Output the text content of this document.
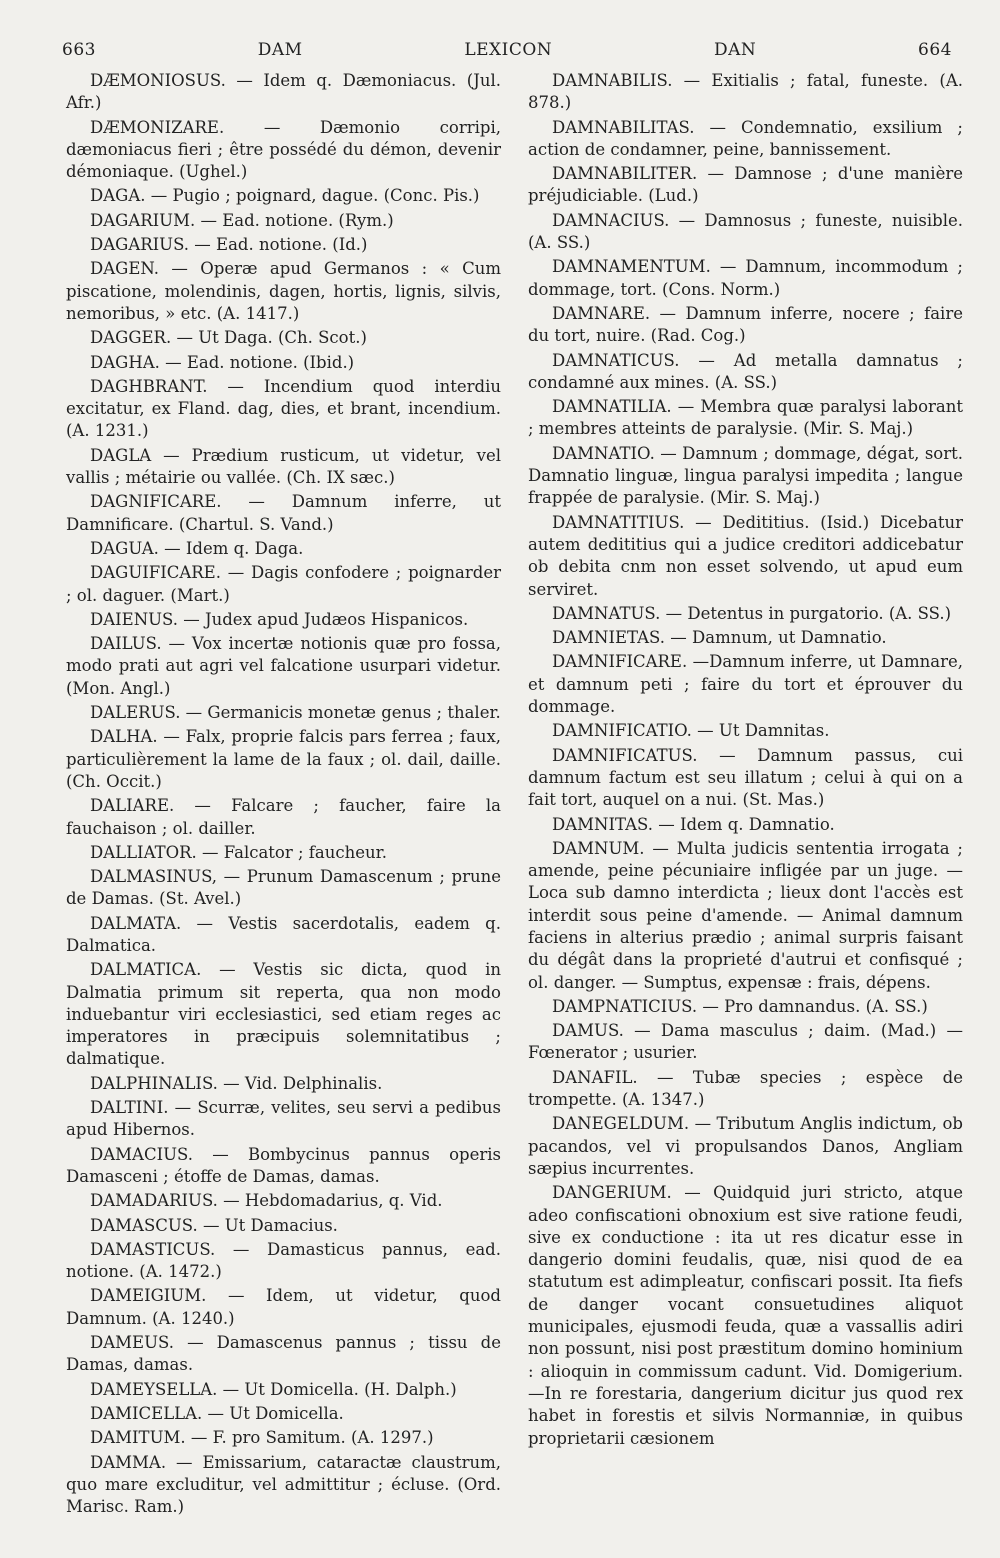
663	DAM	LEXICON	DAN	664

DÆMONIOSUS. — Idem q. Dæmoniacus. (Jul. Afr.)

DÆMONIZARE. — Dæmonio corripi, dæmoniacus fieri ; être possédé du démon, devenir démoniaque. (Ughel.)

DAGA. — Pugio ; poignard, dague. (Conc. Pis.)

DAGARIUM. — Ead. notione. (Rym.)

DAGARIUS. — Ead. notione. (Id.)

DAGEN. — Operæ apud Germanos : « Cum piscatione, molendinis, dagen, hortis, lignis, silvis, nemoribus, » etc. (A. 1417.)

DAGGER. — Ut Daga. (Ch. Scot.)

DAGHA. — Ead. notione. (Ibid.)

DAGHBRANT. — Incendium quod interdiu excitatur, ex Fland. dag, dies, et brant, incendium. (A. 1231.)

DAGLA — Prædium rusticum, ut videtur, vel vallis ; métairie ou vallée. (Ch. IX sæc.)

DAGNIFICARE. — Damnum inferre, ut Damnificare. (Chartul. S. Vand.)

DAGUA. — Idem q. Daga.

DAGUIFICARE. — Dagis confodere ; poignarder ; ol. daguer. (Mart.)

DAIENUS. — Judex apud Judæos Hispanicos.

DAILUS. — Vox incertæ notionis quæ pro fossa, modo prati aut agri vel falcatione usurpari videtur. (Mon. Angl.)

DALERUS. — Germanicis monetæ genus ; thaler.

DALHA. — Falx, proprie falcis pars ferrea ; faux, particulièrement la lame de la faux ; ol. dail, daille. (Ch. Occit.)

DALIARE. — Falcare ; faucher, faire la fauchaison ; ol. dailler.

DALLIATOR. — Falcator ; faucheur.

DALMASINUS, — Prunum Damascenum ; prune de Damas. (St. Avel.)

DALMATA. — Vestis sacerdotalis, eadem q. Dalmatica.

DALMATICA. — Vestis sic dicta, quod in Dalmatia primum sit reperta, qua non modo induebantur viri ecclesiastici, sed etiam reges ac imperatores in præcipuis solemnitatibus ; dalmatique.

DALPHINALIS. — Vid. Delphinalis.

DALTINI. — Scurræ, velites, seu servi a pedibus apud Hibernos.

DAMACIUS. — Bombycinus pannus operis Damasceni ; étoffe de Damas, damas.

DAMADARIUS. — Hebdomadarius, q. Vid.

DAMASCUS. — Ut Damacius.

DAMASTICUS. — Damasticus pannus, ead. notione. (A. 1472.)

DAMEIGIUM. — Idem, ut videtur, quod Damnum. (A. 1240.)

DAMEUS. — Damascenus pannus ; tissu de Damas, damas.

DAMEYSELLA. — Ut Domicella. (H. Dalph.)

DAMICELLA. — Ut Domicella.

DAMITUM. — F. pro Samitum. (A. 1297.)

DAMMA. — Emissarium, cataractæ claustrum, quo mare excluditur, vel admittitur ; écluse. (Ord. Marisc. Ram.)

DAMNABILIS. — Exitialis ; fatal, funeste. (A. 878.)

DAMNABILITAS. — Condemnatio, exsilium ; action de condamner, peine, bannissement.

DAMNABILITER. — Damnose ; d'une manière préjudiciable. (Lud.)

DAMNACIUS. — Damnosus ; funeste, nuisible. (A. SS.)

DAMNAMENTUM. — Damnum, incommodum ; dommage, tort. (Cons. Norm.)

DAMNARE. — Damnum inferre, nocere ; faire du tort, nuire. (Rad. Cog.)

DAMNATICUS. — Ad metalla damnatus ; condamné aux mines. (A. SS.)

DAMNATILIA. — Membra quæ paralysi laborant ; membres atteints de paralysie. (Mir. S. Maj.)

DAMNATIO. — Damnum ; dommage, dégat, sort. Damnatio linguæ, lingua paralysi impedita ; langue frappée de paralysie. (Mir. S. Maj.)

DAMNATITIUS. — Dedititius. (Isid.) Dicebatur autem dedititius qui a judice creditori addicebatur ob debita cnm non esset solvendo, ut apud eum serviret.

DAMNATUS. — Detentus in purgatorio. (A. SS.)

DAMNIETAS. — Damnum, ut Damnatio.

DAMNIFICARE. —Damnum inferre, ut Damnare, et damnum peti ; faire du tort et éprouver du dommage.

DAMNIFICATIO. — Ut Damnitas.

DAMNIFICATUS. — Damnum passus, cui damnum factum est seu illatum ; celui à qui on a fait tort, auquel on a nui. (St. Mas.)

DAMNITAS. — Idem q. Damnatio.

DAMNUM. — Multa judicis sententia irrogata ; amende, peine pécuniaire infligée par un juge. — Loca sub damno interdicta ; lieux dont l'accès est interdit sous peine d'amende. — Animal damnum faciens in alterius prædio ; animal surpris faisant du dégât dans la proprieté d'autrui et confisqué ; ol. danger. — Sumptus, expensæ : frais, dépens.

DAMPNATICIUS. — Pro damnandus. (A. SS.)

DAMUS. — Dama masculus ; daim. (Mad.) — Fœnerator ; usurier.

DANAFIL. — Tubæ species ; espèce de trompette. (A. 1347.)

DANEGELDUM. — Tributum Anglis indictum, ob pacandos, vel vi propulsandos Danos, Angliam sæpius incurrentes.

DANGERIUM. — Quidquid juri stricto, atque adeo confiscationi obnoxium est sive ratione feudi, sive ex conductione : ita ut res dicatur esse in dangerio domini feudalis, quæ, nisi quod de ea statutum est adimpleatur, confiscari possit. Ita fiefs de danger vocant consuetudines aliquot municipales, ejusmodi feuda, quæ a vassallis adiri non possunt, nisi post præstitum domino hominium : alioquin in commissum cadunt. Vid. Domigerium.—In re forestaria, dangerium dicitur jus quod rex habet in forestis et silvis Normanniæ, in quibus proprietarii cæsionem
